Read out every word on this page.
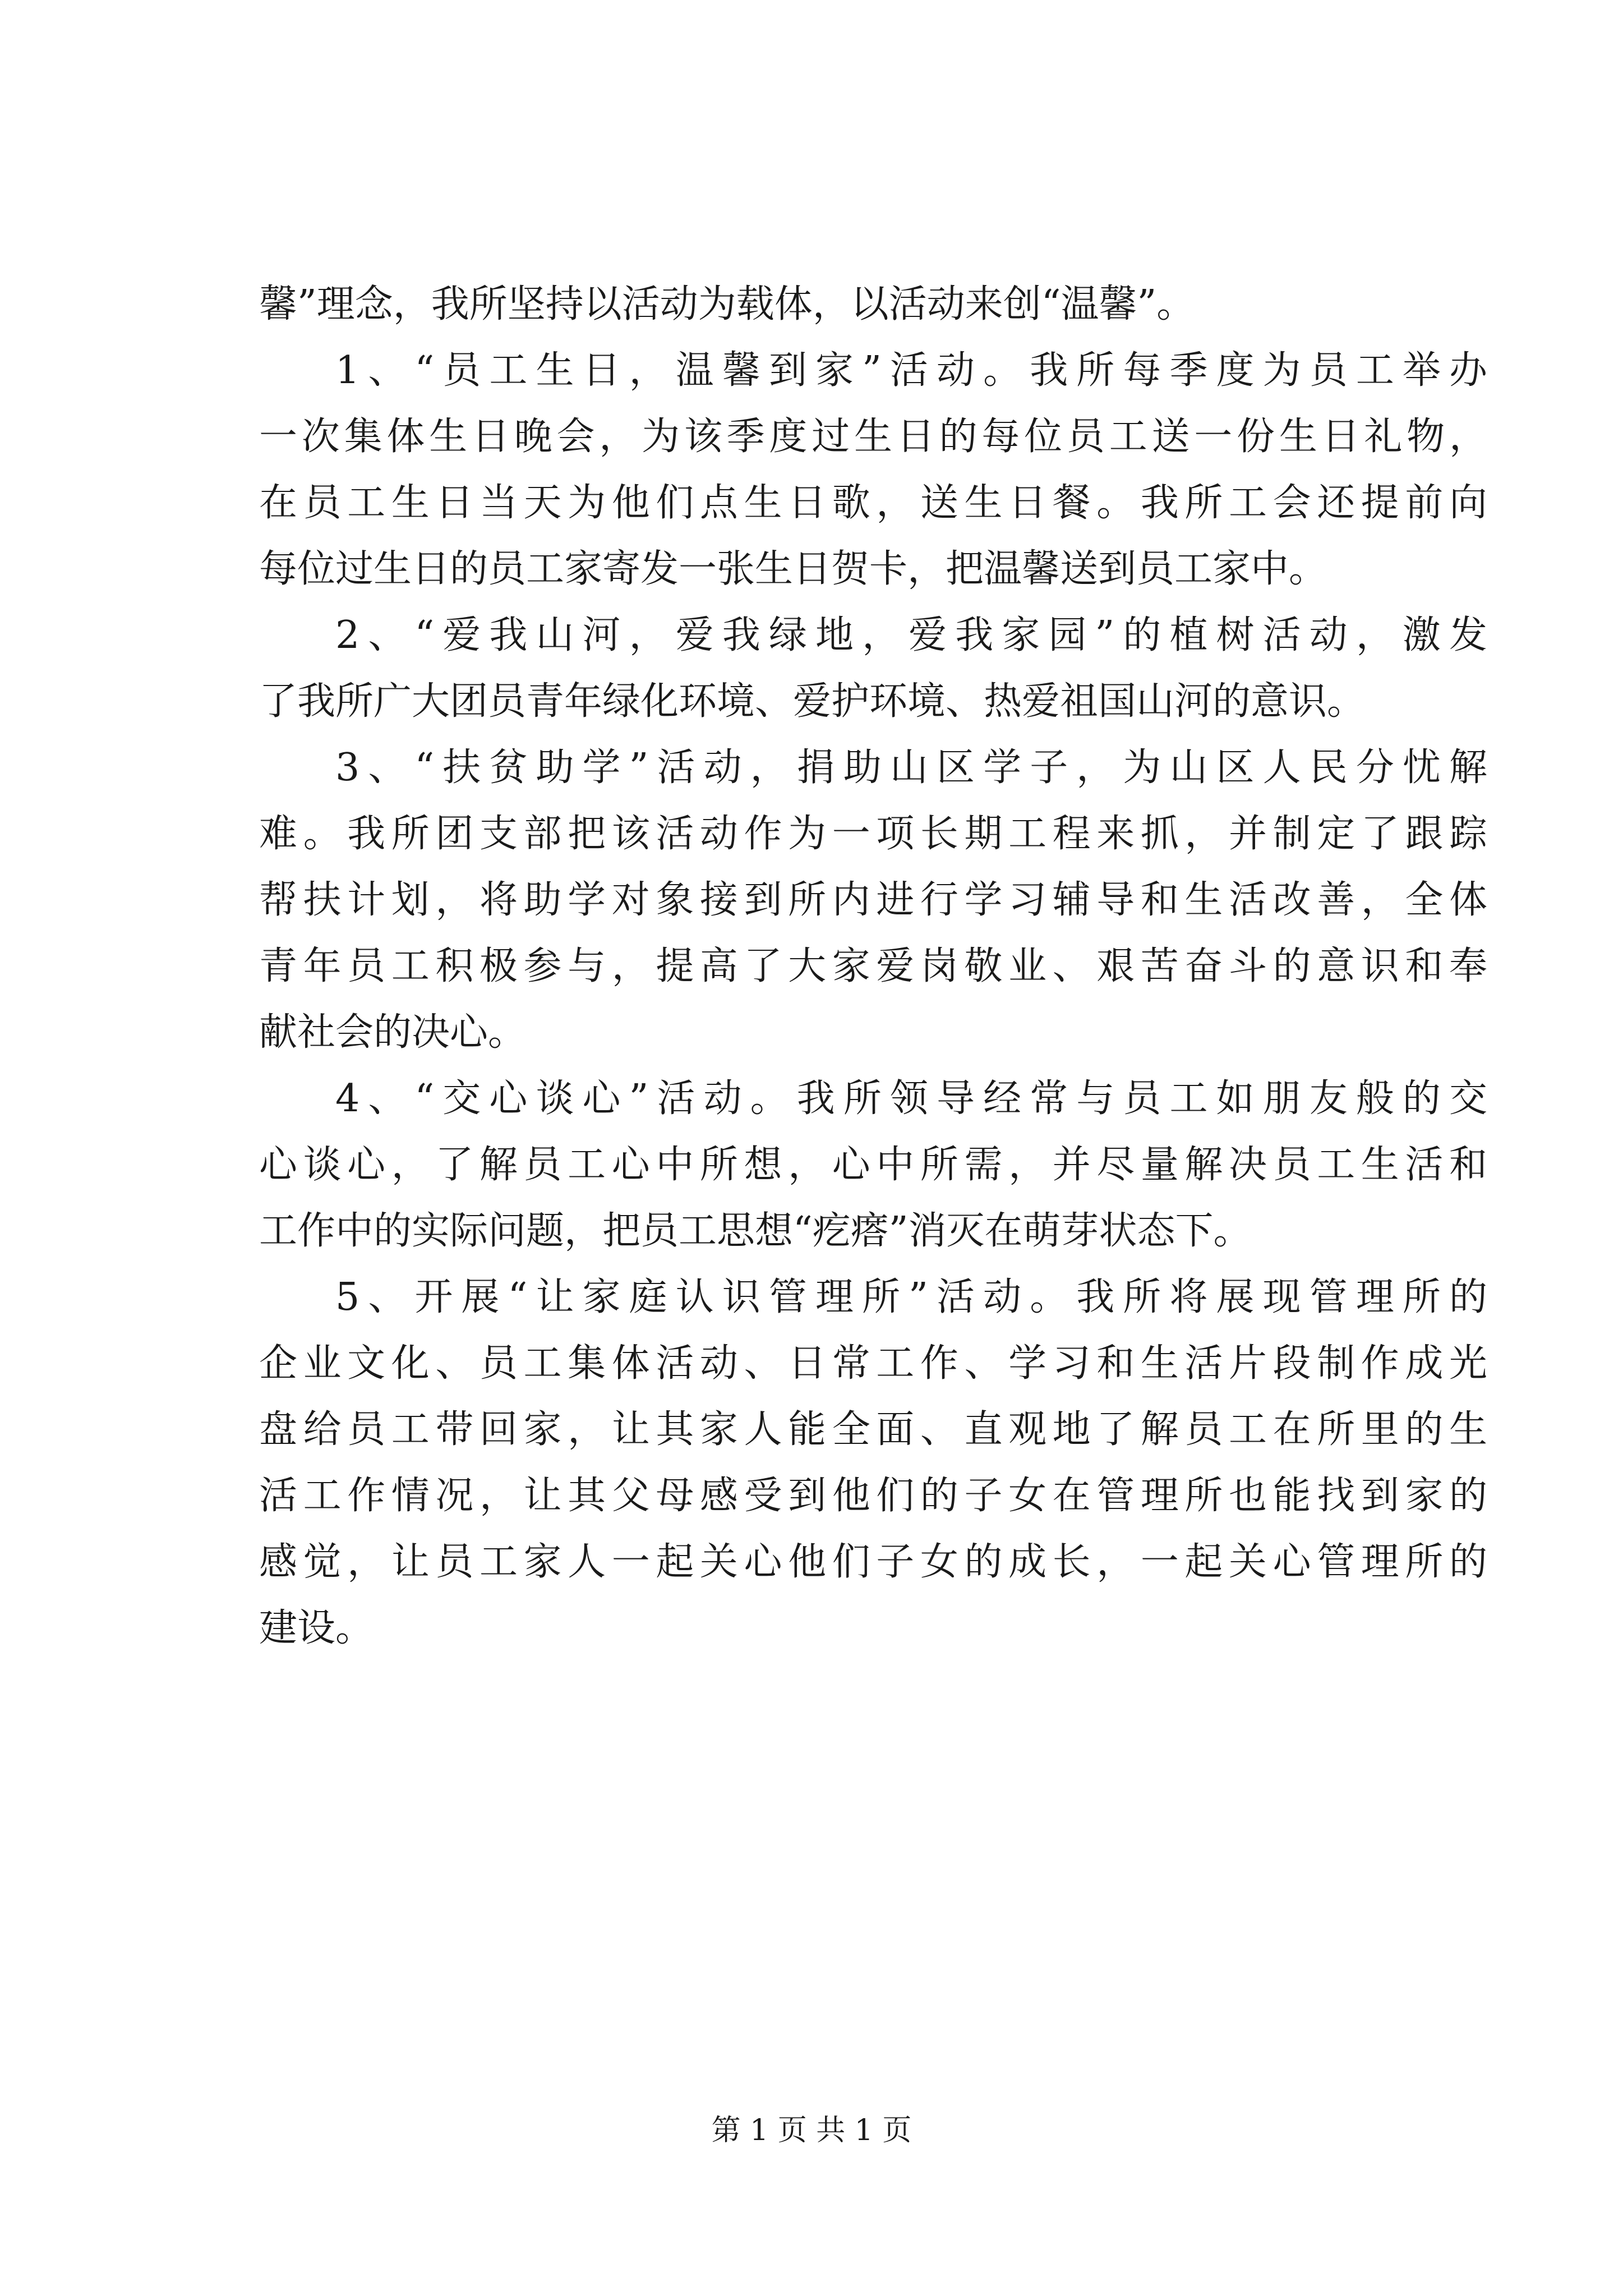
馨”理念，我所坚持以活动为载体，以活动来创“温馨”。
1、“员工生日，温馨到家”活动。我所每季度为员工举办
一次集体生日晚会，为该季度过生日的每位员工送一份生日礼物，
在员工生日当天为他们点生日歌，送生日餐。我所工会还提前向
每位过生日的员工家寄发一张生日贺卡，把温馨送到员工家中。
2、“爱我山河，爱我绿地，爱我家园”的植树活动，激发
了我所广大团员青年绿化环境、爱护环境、热爱祖国山河的意识。
3、“扶贫助学”活动，捐助山区学子，为山区人民分忧解
难。我所团支部把该活动作为一项长期工程来抓，并制定了跟踪
帮扶计划，将助学对象接到所内进行学习辅导和生活改善，全体
青年员工积极参与，提高了大家爱岗敬业、艰苦奋斗的意识和奉
献社会的决心。
4、“交心谈心”活动。我所领导经常与员工如朋友般的交
心谈心，了解员工心中所想，心中所需，并尽量解决员工生活和
工作中的实际问题，把员工思想“疙瘩”消灭在萌芽状态下。
5、开展“让家庭认识管理所”活动。我所将展现管理所的
企业文化、员工集体活动、日常工作、学习和生活片段制作成光
盘给员工带回家，让其家人能全面、直观地了解员工在所里的生
活工作情况，让其父母感受到他们的子女在管理所也能找到家的
感觉，让员工家人一起关心他们子女的成长，一起关心管理所的
建设。
第 1 页 共 1 页
